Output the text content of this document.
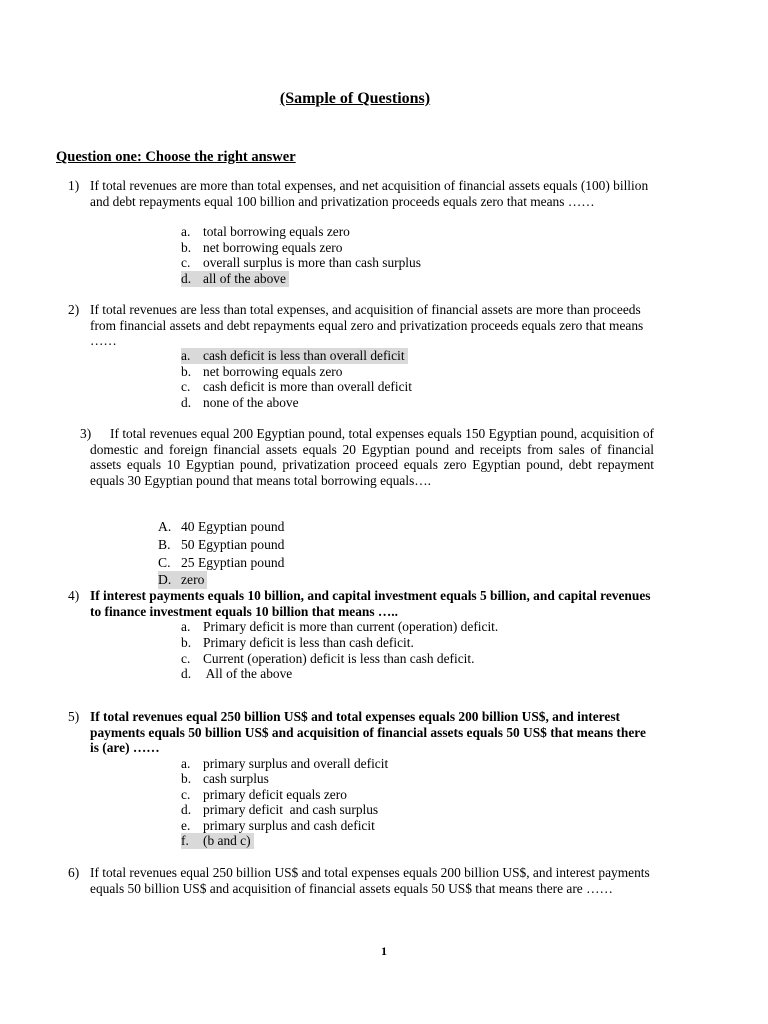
(Sample of Questions)
Question one: Choose the right answer
1) If total revenues are more than total expenses, and net acquisition of financial assets equals (100) billion and debt repayments equal 100 billion and privatization proceeds equals zero that means ……
a. total borrowing equals zero
b. net borrowing equals zero
c. overall surplus is more than cash surplus
d. all of the above
2) If total revenues are less than total expenses, and acquisition of financial assets are more than proceeds from financial assets and debt repayments equal zero and privatization proceeds equals zero that means ……
a. cash deficit is less than overall deficit
b. net borrowing equals zero
c. cash deficit is more than overall deficit
d. none of the above
3)	If total revenues equal 200 Egyptian pound, total expenses equals 150 Egyptian pound, acquisition of domestic and foreign financial assets equals 20 Egyptian pound and receipts from sales of financial assets equals 10 Egyptian pound, privatization proceed equals zero Egyptian pound, debt repayment equals 30 Egyptian pound that means total borrowing equals….
A. 40 Egyptian pound
B. 50 Egyptian pound
C. 25 Egyptian pound
D. zero
4) If interest payments equals 10 billion, and capital investment equals 5 billion, and capital revenues to finance investment equals 10 billion that means …..
a. Primary deficit is more than current (operation) deficit.
b. Primary deficit is less than cash deficit.
c. Current (operation) deficit is less than cash deficit.
d. All of the above
5) If total revenues equal 250 billion US$ and total expenses equals 200 billion US$, and interest payments equals 50 billion US$ and acquisition of financial assets equals 50 US$ that means there is (are) ……
a. primary surplus and overall deficit
b. cash surplus
c. primary deficit equals zero
d. primary deficit  and cash surplus
e. primary surplus and cash deficit
f. (b and c)
6) If total revenues equal 250 billion US$ and total expenses equals 200 billion US$, and interest payments equals 50 billion US$ and acquisition of financial assets equals 50 US$ that means there are ……
1
